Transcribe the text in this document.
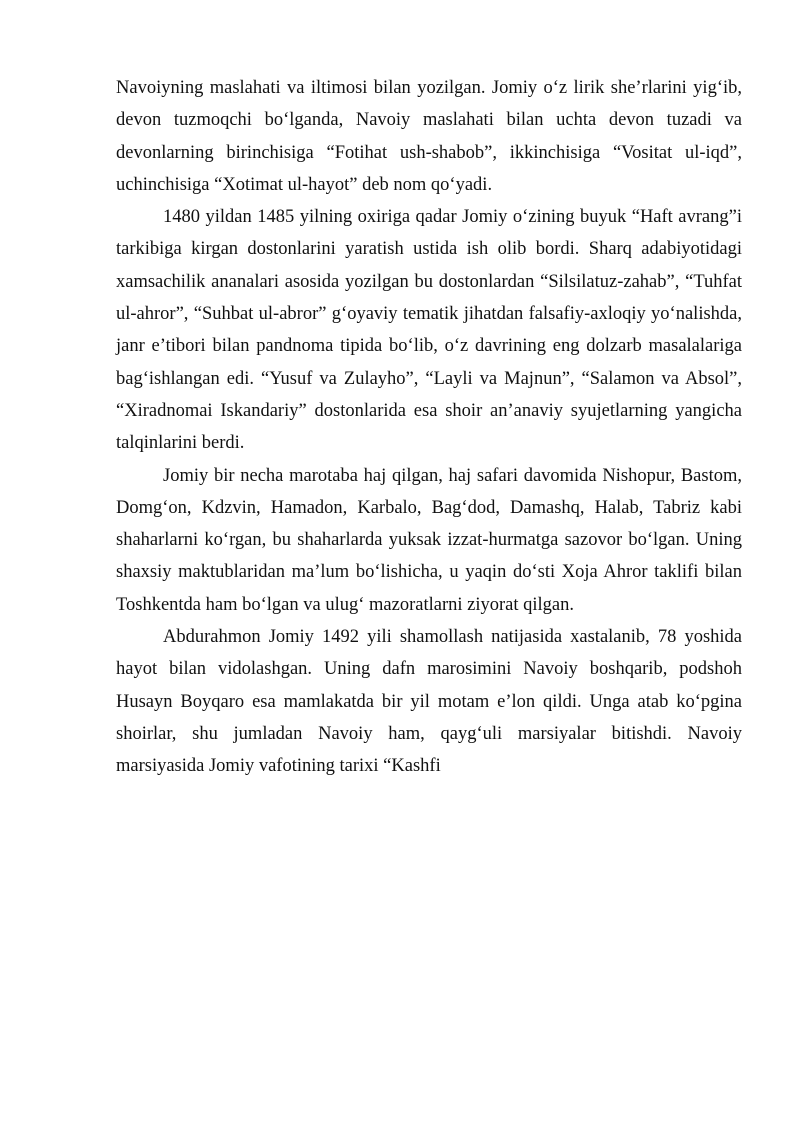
Navoiyning maslahati va iltimosi bilan yozilgan. Jomiy o‘z lirik she’rlarini yig‘ib, devon tuzmoqchi bo‘lganda, Navoiy maslahati bilan uchta devon tuzadi va devonlarning birinchisiga “Fotihat ush-shabob”, ikkinchisiga “Vositat ul-iqd”, uchinchisiga “Xotimat ul-hayot” deb nom qo‘yadi.

1480 yildan 1485 yilning oxiriga qadar Jomiy o‘zining buyuk “Haft avrang”i tarkibiga kirgan dostonlarini yaratish ustida ish olib bordi. Sharq adabiyotidagi xamsachilik ananalari asosida yozilgan bu dostonlardan “Silsilatuz-zahab”, “Tuhfat ul-ahror”, “Suhbat ul-abror” g‘oyaviy tematik jihatdan falsafiy-axloqiy yo‘nalishda, janr e’tibori bilan pandnoma tipida bo‘lib, o‘z davrining eng dolzarb masalalariga bag‘ishlangan edi. “Yusuf va Zulayho”, “Layli va Majnun”, “Salamon va Absol”, “Xiradnomai Iskandariy” dostonlarida esa shoir an’anaviy syujetlarning yangicha talqinlarini berdi.

Jomiy bir necha marotaba haj qilgan, haj safari davomida Nishopur, Bastom, Domg‘on, Kdzvin, Hamadon, Karbalo, Bag‘dod, Damashq, Halab, Tabriz kabi shaharlarni ko‘rgan, bu shaharlarda yuksak izzat-hurmatga sazovor bo‘lgan. Uning shaxsiy maktublaridan ma’lum bo‘lishicha, u yaqin do‘sti Xoja Ahror taklifi bilan Toshkentda ham bo‘lgan va ulug‘ mazoratlarni ziyorat qilgan.

Abdurahmon Jomiy 1492 yili shamollash natijasida xastalanib, 78 yoshida hayot bilan vidolashgan. Uning dafn marosimini Navoiy boshqarib, podshoh Husayn Boyqaro esa mamlakatda bir yil motam e’lon qildi. Unga atab ko‘pgina shoirlar, shu jumladan Navoiy ham, qayg‘uli marsiyalar bitishdi. Navoiy marsiyasida Jomiy vafotining tarixi “Kashfi
